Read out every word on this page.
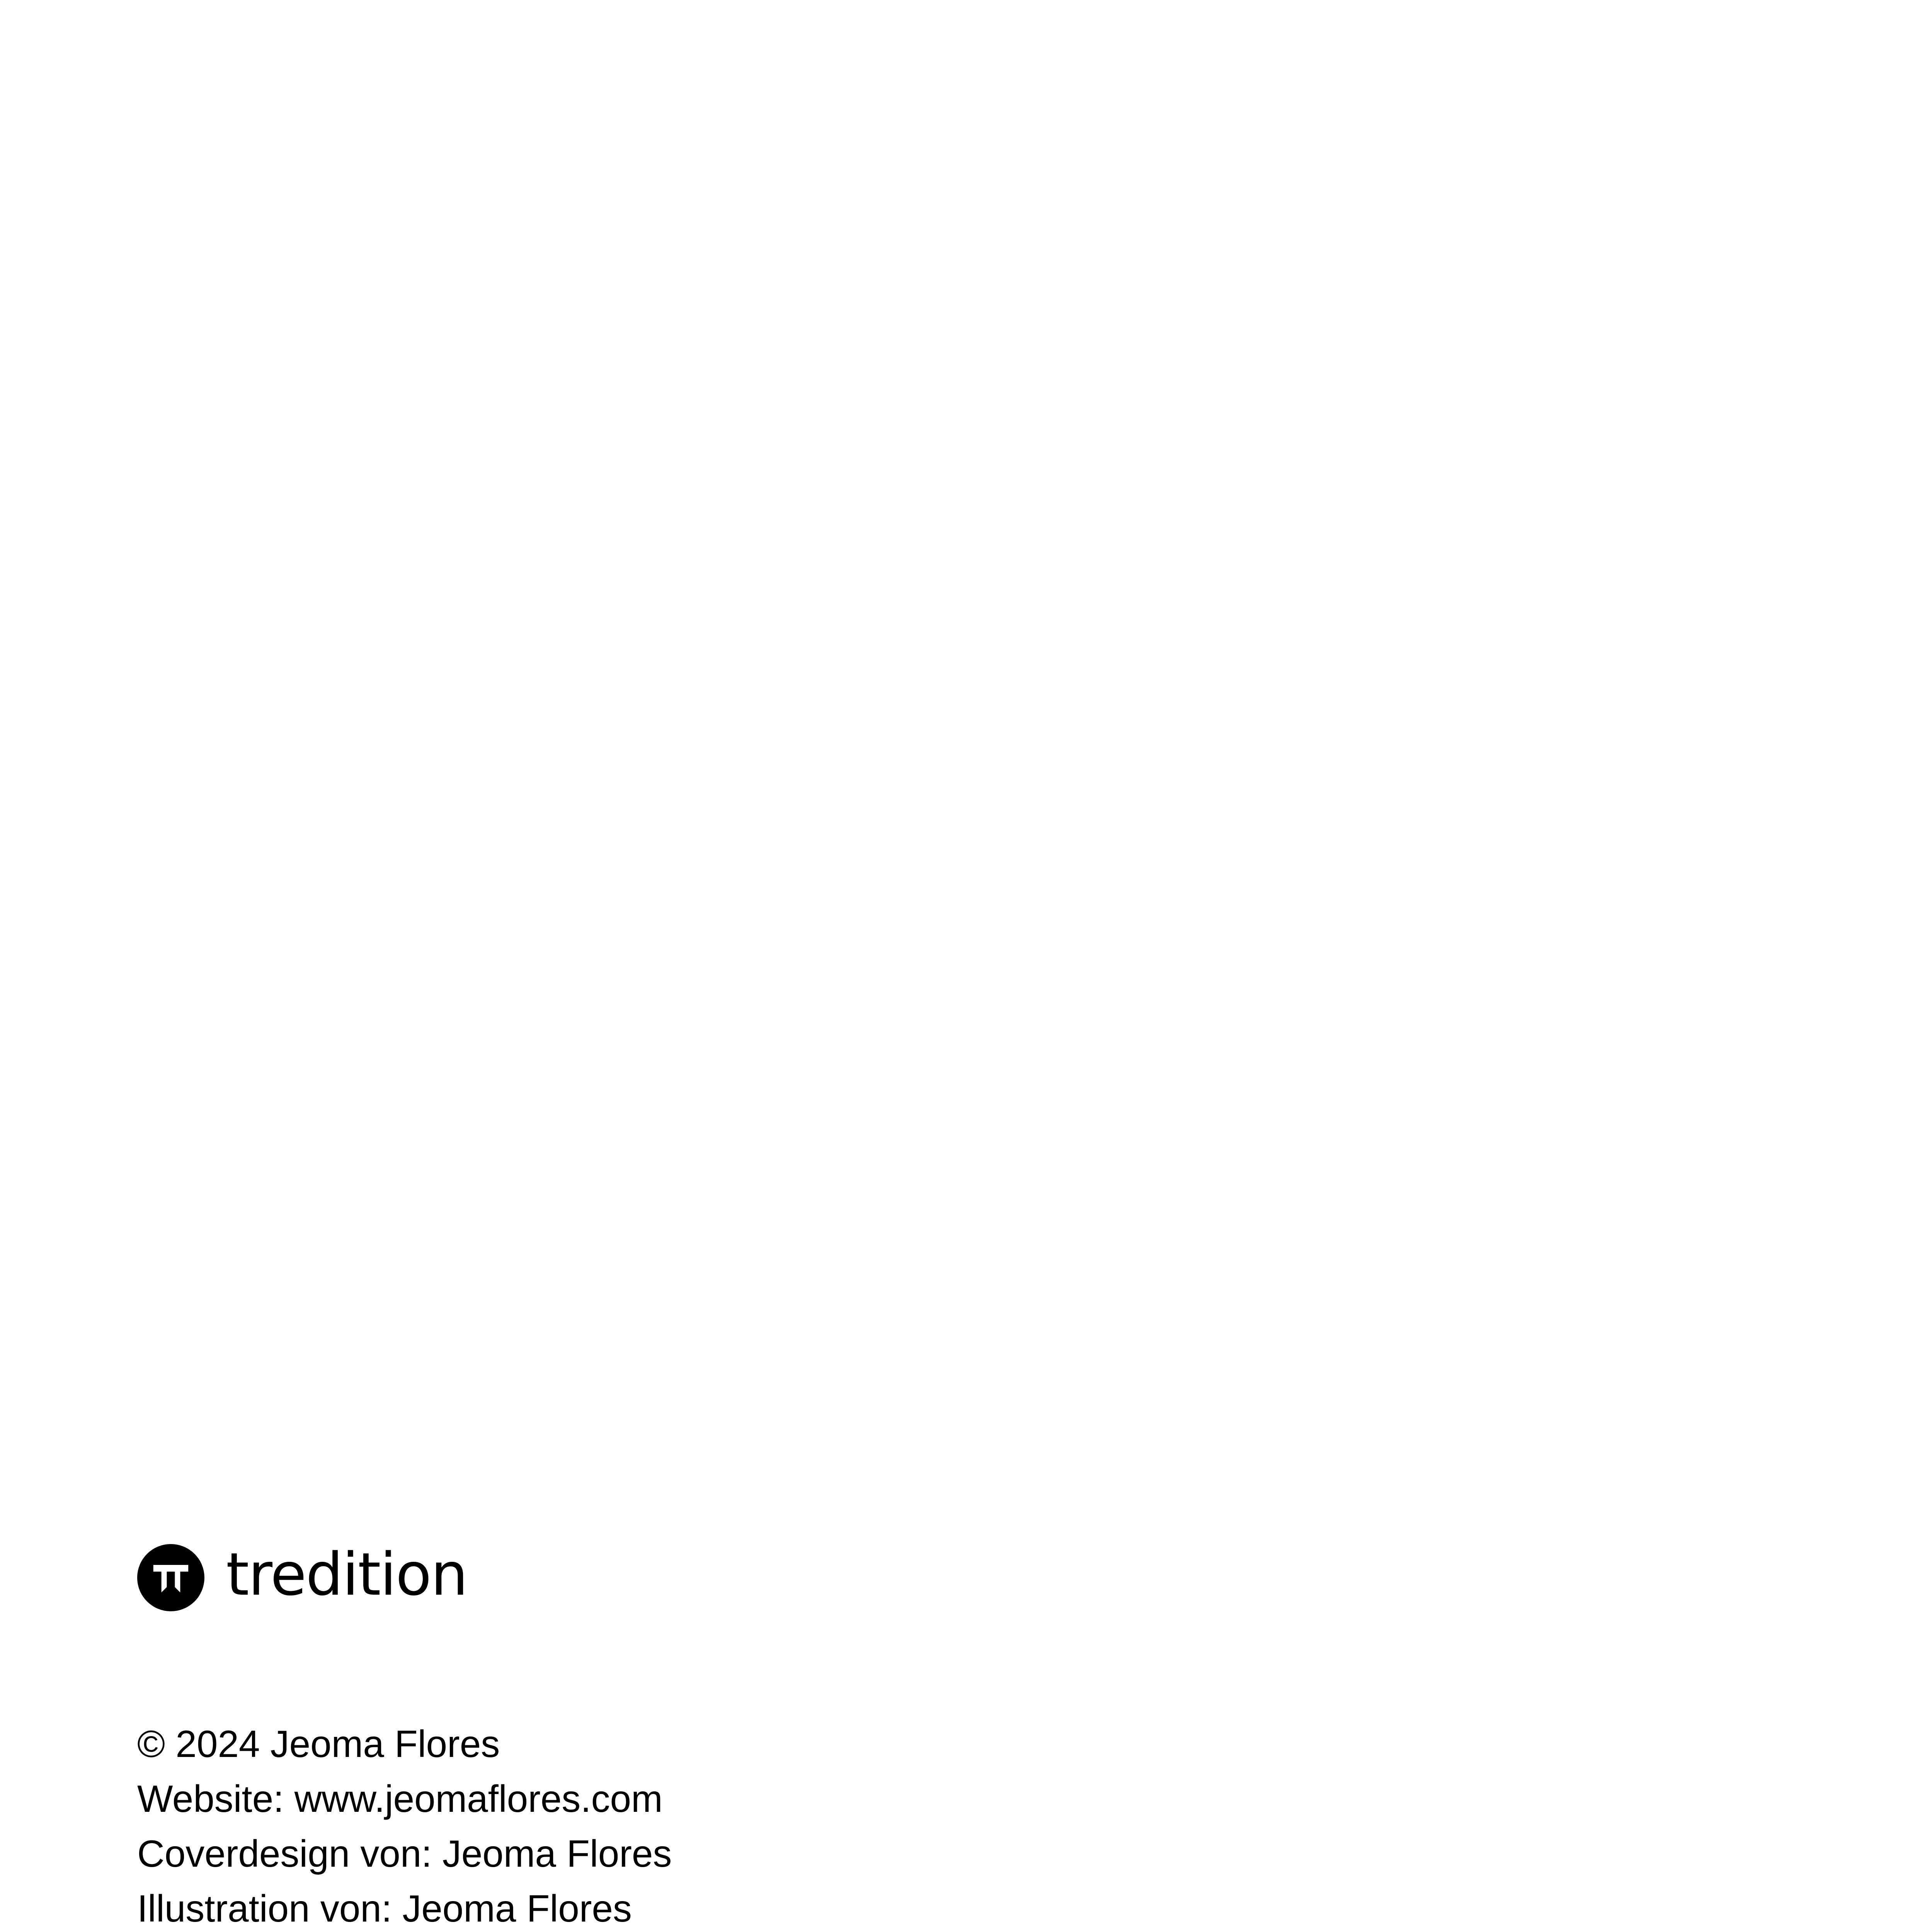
tredition
© 2024 Jeoma Flores
Website: www.jeomaflores.com
Coverdesign von: Jeoma Flores
Illustration von: Jeoma Flores
